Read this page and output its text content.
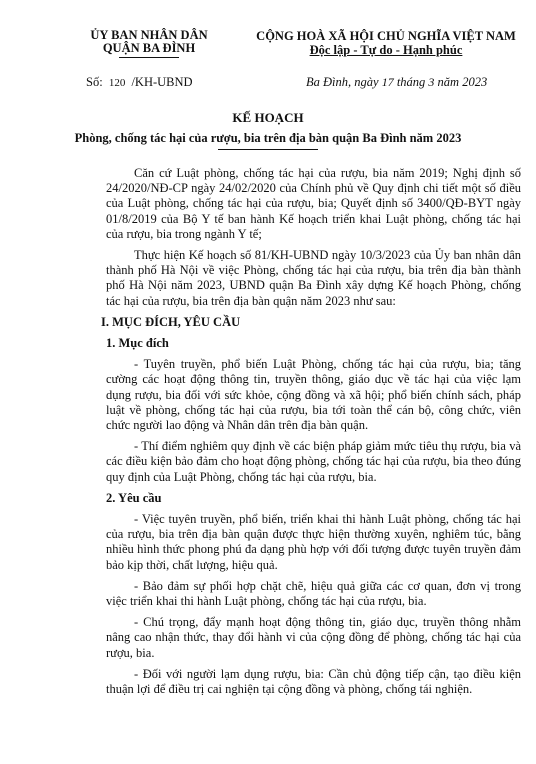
ỦY BAN NHÂN DÂN
QUẬN BA ĐÌNH
CỘNG HOÀ XÃ HỘI CHỦ NGHĨA VIỆT NAM
Độc lập - Tự do - Hạnh phúc
Số: 120 /KH-UBND	Ba Đình, ngày 17 tháng 3 năm 2023
KẾ HOẠCH
Phòng, chống tác hại của rượu, bia trên địa bàn quận Ba Đình năm 2023

Căn cứ Luật phòng, chống tác hại của rượu, bia năm 2019; Nghị định số 24/2020/NĐ-CP ngày 24/02/2020 của Chính phủ về Quy định chi tiết một số điều của Luật phòng, chống tác hại của rượu, bia; Quyết định số 3400/QĐ-BYT ngày 01/8/2019 của Bộ Y tế ban hành Kế hoạch triển khai Luật phòng, chống tác hại của rượu, bia trong ngành Y tế;

Thực hiện Kế hoạch số 81/KH-UBND ngày 10/3/2023 của Ủy ban nhân dân thành phố Hà Nội về việc Phòng, chống tác hại của rượu, bia trên địa bàn thành phố Hà Nội năm 2023, UBND quận Ba Đình xây dựng Kế hoạch Phòng, chống tác hại của rượu, bia trên địa bàn quận năm 2023 như sau:

I. MỤC ĐÍCH, YÊU CẦU
1. Mục đích

- Tuyên truyền, phổ biến Luật Phòng, chống tác hại của rượu, bia; tăng cường các hoạt động thông tin, truyền thông, giáo dục về tác hại của việc lạm dụng rượu, bia đối với sức khỏe, cộng đồng và xã hội; phổ biến chính sách, pháp luật về phòng, chống tác hại của rượu, bia tới toàn thể cán bộ, công chức, viên chức người lao động và Nhân dân trên địa bàn quận.

- Thí điểm nghiêm quy định về các biện pháp giảm mức tiêu thụ rượu, bia và các điều kiện bảo đảm cho hoạt động phòng, chống tác hại của rượu, bia theo đúng quy định của Luật Phòng, chống tác hại của rượu, bia.

2. Yêu cầu

- Việc tuyên truyền, phổ biến, triển khai thi hành Luật phòng, chống tác hại của rượu, bia trên địa bàn quận được thực hiện thường xuyên, nghiêm túc, bằng nhiều hình thức phong phú đa dạng phù hợp với đối tượng được tuyên truyền đảm bảo kịp thời, chất lượng, hiệu quả.

- Bảo đảm sự phối hợp chặt chẽ, hiệu quả giữa các cơ quan, đơn vị trong việc triển khai thi hành Luật phòng, chống tác hại của rượu, bia.

- Chú trọng, đẩy mạnh hoạt động thông tin, giáo dục, truyền thông nhằm nâng cao nhận thức, thay đổi hành vi của cộng đồng để phòng, chống tác hại của rượu, bia.

- Đối với người lạm dụng rượu, bia: Cần chủ động tiếp cận, tạo điều kiện thuận lợi để điều trị cai nghiện tại cộng đồng và phòng, chống tái nghiện.
